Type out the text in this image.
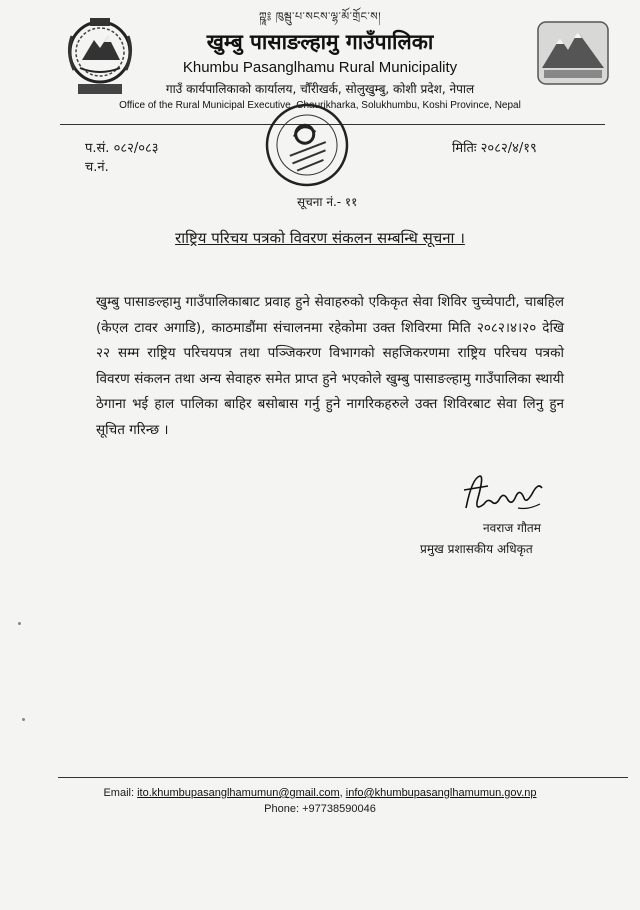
ཀྵཱ༔ ཁུམྦུ་པ་སངས་ལྷ་མོ་གྲོང་ས།
खुम्बु पासाङल्हामु गाउँपालिका
Khumbu Pasanglhamu Rural Municipality
गाउँ कार्यपालिकाको कार्यालय, चौँरीखर्क, सोलुखुम्बु, कोशी प्रदेश, नेपाल
Office of the Rural Municipal Executive, Chaurikharka, Solukhumbu, Koshi Province, Nepal
प.सं. ०८२/०८३
च.नं.
मितिः २०८२/४/१९
सूचना नं.- ११
राष्ट्रिय परिचय पत्रको विवरण संकलन सम्बन्धि सूचना ।
खुम्बु पासाङल्हामु गाउँपालिकाबाट प्रवाह हुने सेवाहरुको एकिकृत सेवा शिविर चुच्चेपाटी, चाबहिल (केएल टावर अगाडि), काठमाडौंमा संचालनमा रहेकोमा उक्त शिविरमा मिति २०८२।४।२० देखि २२ सम्म राष्ट्रिय परिचयपत्र तथा पञ्जिकरण विभागको सहजिकरणमा राष्ट्रिय परिचय पत्रको विवरण संकलन तथा अन्य सेवाहरु समेत प्राप्त हुने भएकोले खुम्बु पासाङल्हामु गाउँपालिका स्थायी ठेगाना भई हाल पालिका बाहिर बसोबास गर्नु हुने नागरिकहरुले उक्त शिविरबाट सेवा लिनु हुन सूचित गरिन्छ ।
नवराज गौतम
प्रमुख प्रशासकीय अधिकृत
Email: ito.khumbupasanglhamumun@gmail.com, info@khumbupasanglhamumun.gov.np
Phone: +97738590046
